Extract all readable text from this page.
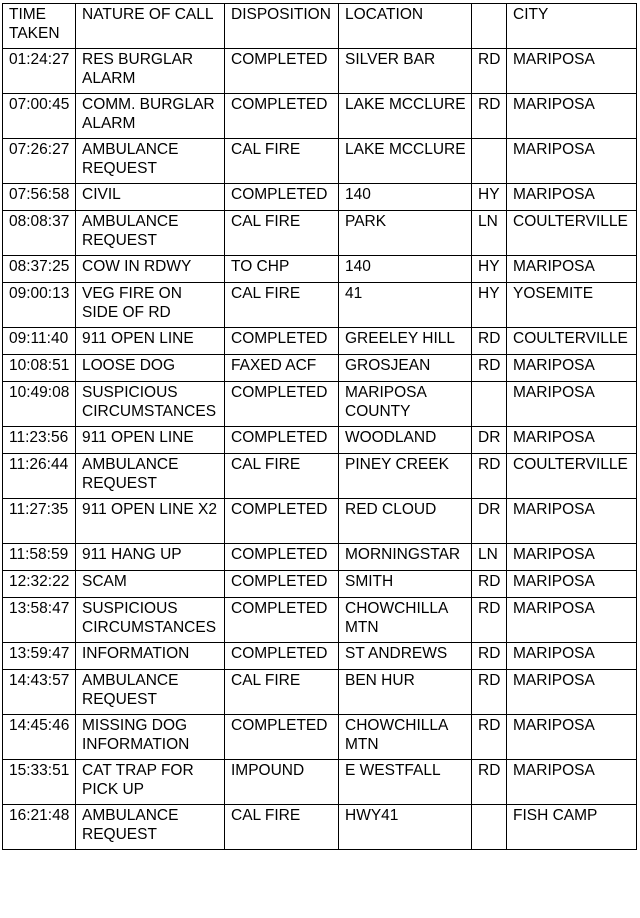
TIME TAKEN	NATURE OF CALL	DISPOSITION	LOCATION		CITY
01:24:27	RES BURGLAR ALARM	COMPLETED	SILVER BAR	RD	MARIPOSA
07:00:45	COMM. BURGLAR ALARM	COMPLETED	LAKE MCCLURE	RD	MARIPOSA
07:26:27	AMBULANCE REQUEST	CAL FIRE	LAKE MCCLURE		MARIPOSA
07:56:58	CIVIL	COMPLETED	140	HY	MARIPOSA
08:08:37	AMBULANCE REQUEST	CAL FIRE	PARK	LN	COULTERVILLE
08:37:25	COW IN RDWY	TO CHP	140	HY	MARIPOSA
09:00:13	VEG FIRE ON SIDE OF RD	CAL FIRE	41	HY	YOSEMITE
09:11:40	911 OPEN LINE	COMPLETED	GREELEY HILL	RD	COULTERVILLE
10:08:51	LOOSE DOG	FAXED ACF	GROSJEAN	RD	MARIPOSA
10:49:08	SUSPICIOUS CIRCUMSTANCES	COMPLETED	MARIPOSA COUNTY		MARIPOSA
11:23:56	911 OPEN LINE	COMPLETED	WOODLAND	DR	MARIPOSA
11:26:44	AMBULANCE REQUEST	CAL FIRE	PINEY CREEK	RD	COULTERVILLE
11:27:35	911 OPEN LINE X2	COMPLETED	RED CLOUD	DR	MARIPOSA
11:58:59	911 HANG UP	COMPLETED	MORNINGSTAR	LN	MARIPOSA
12:32:22	SCAM	COMPLETED	SMITH	RD	MARIPOSA
13:58:47	SUSPICIOUS CIRCUMSTANCES	COMPLETED	CHOWCHILLA MTN	RD	MARIPOSA
13:59:47	INFORMATION	COMPLETED	ST ANDREWS	RD	MARIPOSA
14:43:57	AMBULANCE REQUEST	CAL FIRE	BEN HUR	RD	MARIPOSA
14:45:46	MISSING DOG INFORMATION	COMPLETED	CHOWCHILLA MTN	RD	MARIPOSA
15:33:51	CAT TRAP FOR PICK UP	IMPOUND	E WESTFALL	RD	MARIPOSA
16:21:48	AMBULANCE REQUEST	CAL FIRE	HWY41		FISH CAMP
